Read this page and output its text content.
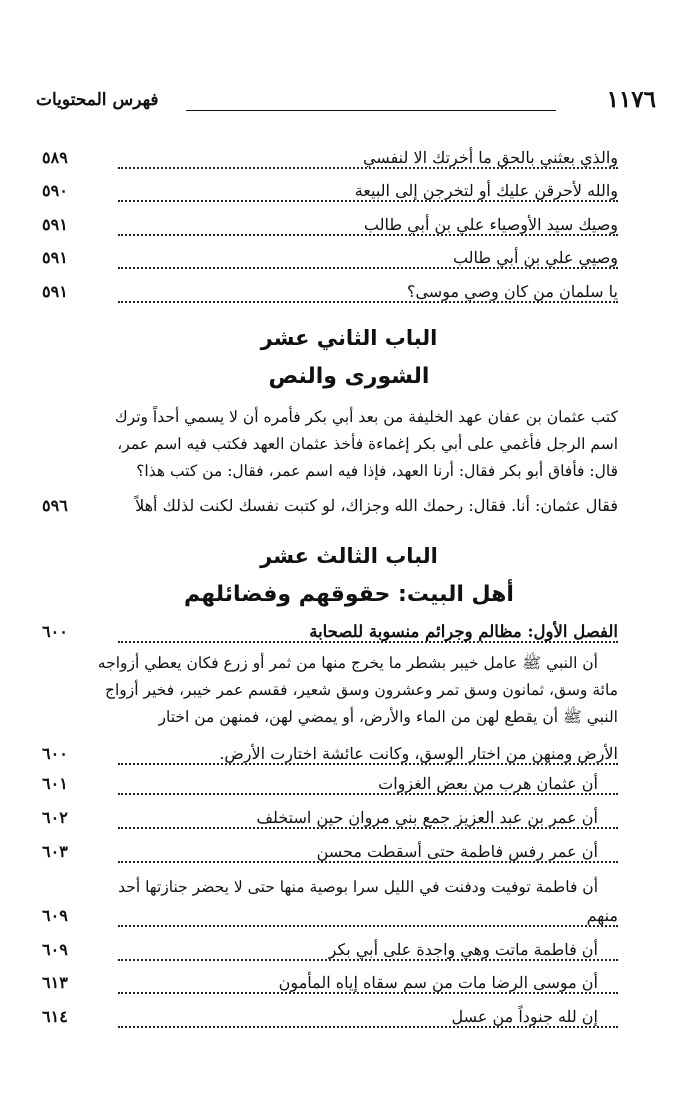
١١٧٦
فهرس المحتويات
والذي بعثني بالحق ما أخرتك الا لنفسي
٥٨٩
والله لأحرقن عليك أو لتخرجن إلى البيعة
٥٩٠
وصيك سيد الأوصياء علي بن أبي طالب
٥٩١
وصيي علي بن أبي طالب
٥٩١
يا سلمان من كان وصي موسى؟
٥٩١
الباب الثاني عشر
الشورى والنص

كتب عثمان بن عفان عهد الخليفة من بعد أبي بكر فأمره أن لا يسمي أحداً وترك

اسم الرجل فأغمي على أبي بكر إغماءة فأخذ عثمان العهد فكتب فيه اسم عمر،

قال: فأفاق أبو بكر فقال: أرنا العهد، فإذا فيه اسم عمر، فقال: من كتب هذا؟

فقال عثمان: أنا. فقال: رحمك الله وجزاك، لو كتبت نفسك لكنت لذلك أهلاً
٥٩٦
الباب الثالث عشر
أهل البيت: حقوقهم وفضائلهم
الفصل الأول: مظالم وجرائم منسوبة للصحابة
٦٠٠

أن النبي ﷺ عامل خيبر بشطر ما يخرج منها من ثمر أو زرع فكان يعطي أزواجه

مائة وسق، ثمانون وسق تمر وعشرون وسق شعير، فقسم عمر خيبر، فخير أزواج

النبي ﷺ أن يقطع لهن من الماء والأرض، أو يمضي لهن، فمنهن من اختار

الأرض ومنهن من اختار الوسق، وكانت عائشة اختارت الأرض.
٦٠٠
أن عثمان هرب من بعض الغزوات
٦٠١
أن عمر بن عبد العزيز جمع بني مروان حين استخلف
٦٠٢
أن عمر رفس فاطمة حتى أسقطت محسن
٦٠٣

أن فاطمة توفيت ودفنت في الليل سرا بوصية منها حتى لا يحضر جنازتها أحد

منهم
٦٠٩
أن فاطمة ماتت وهي واجدة على أبي بكر
٦٠٩
أن موسى الرضا مات من سم سقاه إياه المأمون
٦١٣
إن لله جنوداً من عسل
٦١٤
